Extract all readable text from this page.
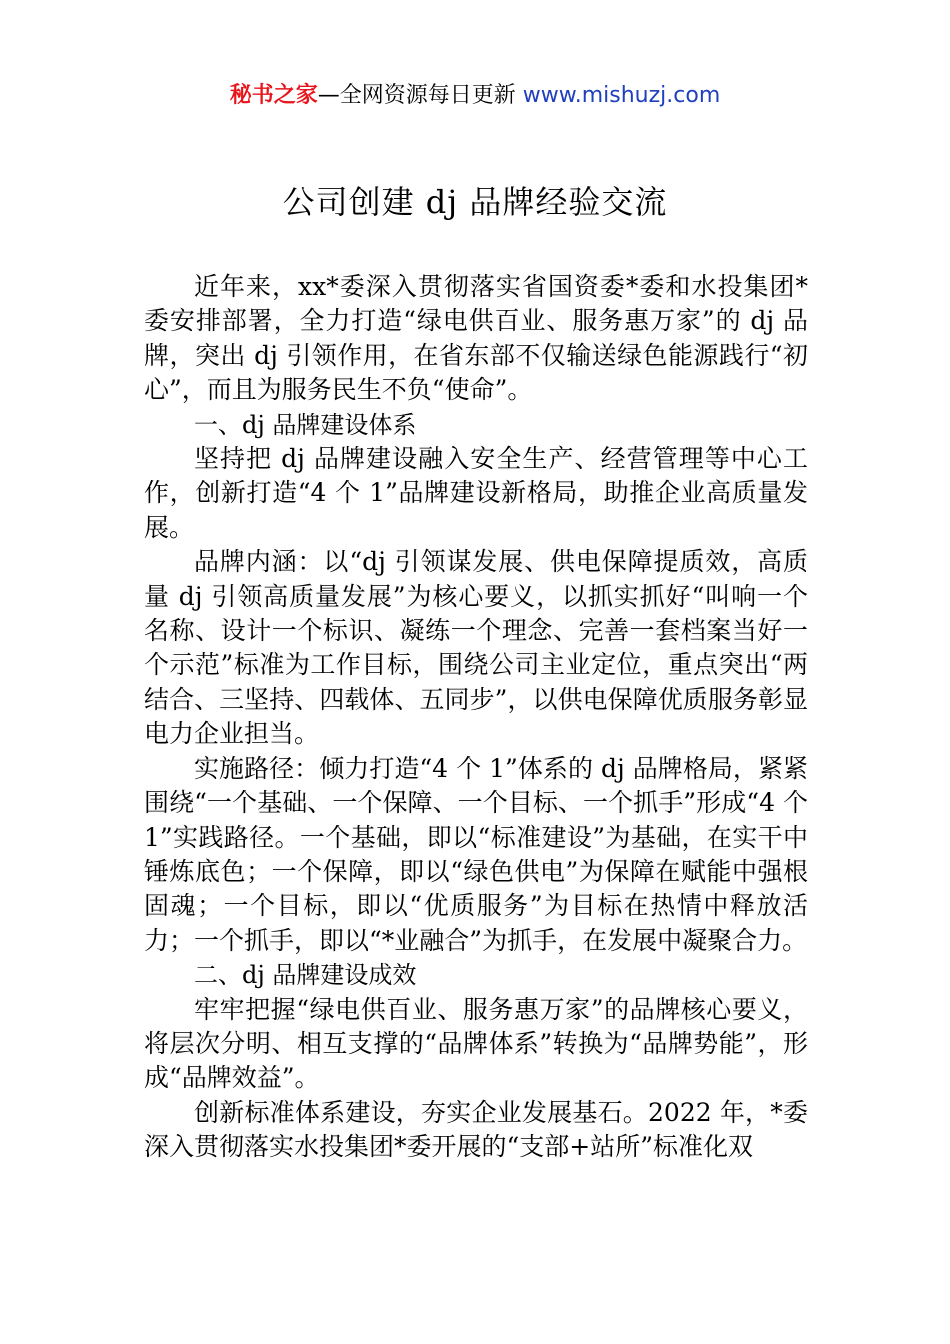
秘书之家—全网资源每日更新 www.mishuzj.com
公司创建 dj 品牌经验交流

近年来，xx*委深入贯彻落实省国资委*委和水投集团*委安排部署，全力打造“绿电供百业、服务惠万家”的 dj 品牌，突出 dj 引领作用，在省东部不仅输送绿色能源践行“初心”，而且为服务民生不负“使命”。

一、dj 品牌建设体系

坚持把 dj 品牌建设融入安全生产、经营管理等中心工作，创新打造“4 个 1”品牌建设新格局，助推企业高质量发展。

品牌内涵：以“dj 引领谋发展、供电保障提质效，高质量 dj 引领高质量发展”为核心要义，以抓实抓好“叫响一个名称、设计一个标识、凝练一个理念、完善一套档案当好一个示范”标准为工作目标，围绕公司主业定位，重点突出“两结合、三坚持、四载体、五同步”，以供电保障优质服务彰显电力企业担当。

实施路径：倾力打造“4 个 1”体系的 dj 品牌格局，紧紧围绕“一个基础、一个保障、一个目标、一个抓手”形成“4 个 1”实践路径。一个基础，即以“标准建设”为基础，在实干中锤炼底色；一个保障，即以“绿色供电”为保障在赋能中强根固魂；一个目标，即以“优质服务”为目标在热情中释放活力；一个抓手，即以“*业融合”为抓手，在发展中凝聚合力。

二、dj 品牌建设成效

牢牢把握“绿电供百业、服务惠万家”的品牌核心要义，将层次分明、相互支撑的“品牌体系”转换为“品牌势能”，形成“品牌效益”。

创新标准体系建设，夯实企业发展基石。2022 年，*委深入贯彻落实水投集团*委开展的“支部+站所”标准化双
